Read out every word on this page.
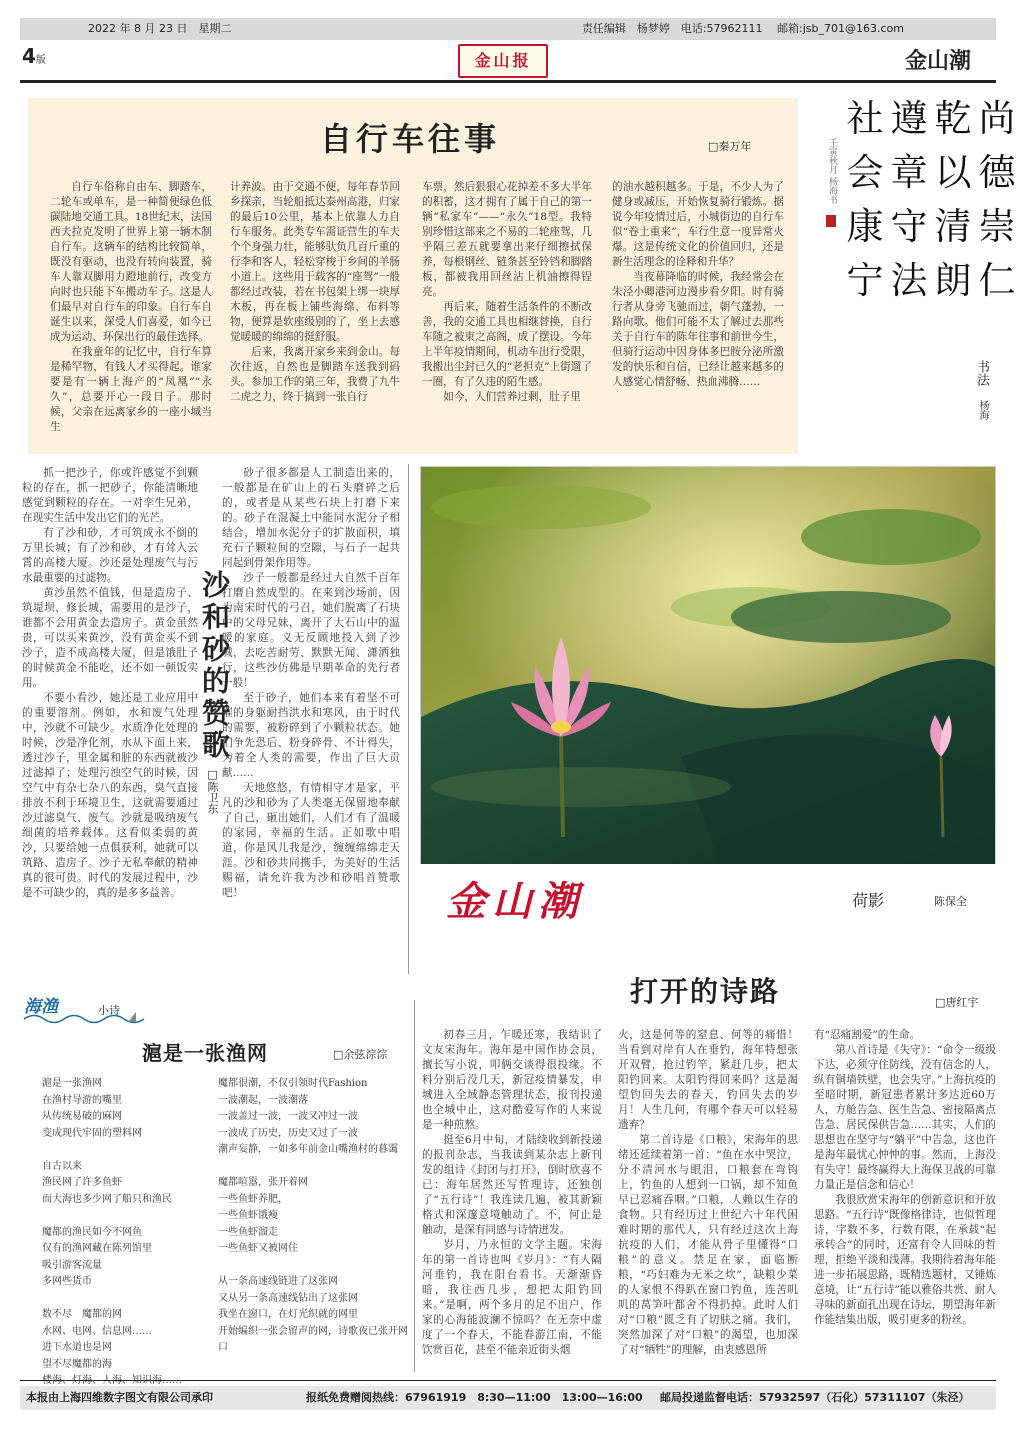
2022 年 8 月 23 日　星期二	责任编辑　杨梦婷　电话:57962111　 邮箱:jsb_701@163.com
4版	金山报	金山潮
自行车往事	□秦万年

自行车俗称自由车、脚踏车，二轮车或单车，是一种简便绿色低碳陆地交通工具。18世纪末，法国西夫拉克发明了世界上第一辆木制自行车。这辆车的结构比较简单，既没有驱动，也没有转向装置，骑车人靠双脚用力蹬地前行，改变方向时也只能下车搬动车子。这是人们最早对自行车的印象。自行车自诞生以来，深受人们喜爱，如今已成为运动、环保出行的最佳选择。

在我童年的记忆中，自行车算是稀罕物，有钱人才买得起。谁家要是有一辆上海产的“凤凰”“永久”，总要开心一段日子。那时候，父亲在远离家乡的一座小城当生

计养波。由于交通不便，每年春节回乡探亲，当轮船抵达泰州高港，归家的最后10公里，基本上依靠人力自行车服务。此类专车需证营生的车夫个个身强力壮，能够驮负几百斤重的行李和客人，轻松穿梭于乡间的羊肠小道上。这些用于载客的“座驾”一般都经过改装，若在书包架上绑一块厚木板，再在板上铺些海绵、布料等物，便算是软座级别的了，坐上去感觉暖暖的绵绵的挺舒服。

后来，我离开家乡来到金山。每次往返，自然也是脚踏车送我到码头。参加工作的第三年，我费了九牛二虎之力，终于搞到一张自行

车票，然后狠狠心花掉差不多大半年的积蓄，这才拥有了属于自己的第一辆“私家车”——“永久”18型。我特别珍惜这部来之不易的二轮座驾，几乎隔三差五就要拿出来仔细擦拭保养，每根钢丝、链条甚至铃铛和脚踏板，都被我用回丝沾上机油擦得锃亮。

再后来，随着生活条件的不断改善，我的交通工具也相继替换，自行车随之被束之高阁，成了摆设。今年上半年疫情期间，机动车出行受限，我搬出尘封已久的“老担克”上街遛了一圈，有了久违的陌生感。

如今，人们营养过剩，肚子里

的油水越积越多。于是，不少人为了健身或减压，开始恢复骑行锻炼。据说今年疫情过后，小城街边的自行车似“卷土重来”，车行生意一度异常火爆。这是传统文化的价值回归，还是新生活理念的诠释和升华？

当夜幕降临的时候，我经常会在朱泾小卿港河边漫步看夕阳。时有骑行者从身旁飞驰而过，朝气蓬勃，一路向歌。他们可能不太了解过去那些关于自行车的陈年往事和前世今生，但骑行运动中因身体多巴胺分泌所激发的快乐和自信，已经让越来越多的人感觉心情舒畅、热血沸腾……

尚
德
崇
仁
乾
以
清
朗
遵
章
守
法
社
会
康
宁
壬寅秋月 杨海书
书法
杨海

抓一把沙子，你或许感觉不到颗粒的存在，抓一把砂子，你能清晰地感觉到颗粒的存在。一对孪生兄弟，在现实生活中发出它们的光芒。

有了沙和砂，才可筑成永不倒的万里长城；有了沙和砂，才有耸入云霄的高楼大厦。沙还是处理废气与污水最重要的过滤物。

黄沙虽然不值钱，但是造房子、筑堤坝、修长城，需要用的是沙子，谁都不会用黄金去造房子。黄金虽然贵，可以买来黄沙，没有黄金买不到沙子，造不成高楼大厦，但是饿肚子的时候黄金不能吃，还不如一顿饭实用。

不要小看沙，她还是工业应用中的重要溶剂。例如，水和废气处理中，沙就不可缺少。水质净化处理的时候，沙是净化剂，水从下面上来，透过沙子，里金属和脏的东西就被沙过滤掉了；处理污浊空气的时候，因空气中有杂七杂八的东西，臭气直接排放不利于环境卫生，这就需要通过沙过滤臭气、废气。沙就是吸纳废气细菌的培养载体。这看似柔弱的黄沙，只要给她一点俱获利，她就可以筑路、造房子。沙子无私奉献的精神真的很可贵。时代的发展过程中，沙是不可缺少的，真的是多多益善。

沙和砂的赞歌
□陈卫东

砂子很多都是人工制造出来的，一般都是在矿山上的石头磨碎之后的，或者是从某些石块上打磨下来的。砂子在混凝土中能同水泥分子相结合，增加水泥分子的扩散面积，填充石子颗粒间的空隙，与石子一起共同起到骨架作用等。

沙子一般都是经过大自然千百年打磨自然成型的。在来到沙场前，因为南宋时代的弓召，她们脱离了石块中的父母兄妹，离开了大石山中的温暖的家庭。义无反顾地投入到了沙城，去吃苦耐劳、默默无闻、潇洒独行，这些沙仿佛是早期革命的先行者一般！

至于砂子，她们本来有着坚不可摧的身躯耐挡洪水和寒风，由于时代的需要，被粉碎到了小颗粒状态。她们争先恐后、粉身碎骨、不计得失，为着全人类的需要，作出了巨大贡献……

天地悠悠，有情相守才是家，平凡的沙和砂为了人类毫无保留地奉献了自己，砸出她们，人们才有了温暖的家园，幸福的生活。正如歌中唱道，你是风儿我是沙，缠缠绵绵走天涯。沙和砂共同携手，为美好的生活赐福，请允许我为沙和砂唱首赞歌吧！	金山潮	荷影	陈保全
打开的诗路	□唐红宇

初春三月，乍暖还寒，我结识了文友宋海年。海年是中国作协会员，擅长写小说，叩俩交谈得很投缘。不料分别后没几天，新冠疫情暴发，申城进入全域静态管理状态，报刊投递也全城中止，这对酷爱写作的人来说是一种煎熬。

挺至6月中旬，才陆续收到新投递的报刊杂志，当我读到某杂志上新刊发的组诗《封闭与打开》，倒时欣喜不已：海年居然还写哲理诗，还独创了“五行诗”！我连读几遍，被其新颖格式和深邃意境触动了。不，何止是触动，是深有同感与诗情迸发。

岁月，乃永恒的文学主题。宋海年的第一首诗也叫《岁月》：“有人隔河垂钓，我在阳台看书。天渐渐昏暗，我往西几步，想把太阳钓回来。”是啊，两个多月的足不出户，作家的心海能波澜不惊吗？在无奈中虚度了一个春天，不能春游江南，不能饮赏百花，甚至不能亲近街头烟

火，这是何等的窒息、何等的痛惜！当看到对岸有人在垂钓，海年特想张开双臂，抢过钓竿，紧赶几步，把太阳钓回来。太阳钓得回来吗？这是渴望钓回失去的春天，钓回失去的岁月！人生几何，有哪个春天可以轻易遗弃？

第二首诗是《口粮》，宋海年的思绪还延续着第一首：“鱼在水中哭泣，分不清河水与眼泪，口粮套在弯钩上，钓鱼的人想到一口锅，却不知鱼早已忍痛吞咽。”口粮，人赖以生存的食物。只有经历过上世纪六十年代困难时期的那代人，只有经过这次上海抗疫的人们，才能从骨子里懂得“口粮”的意义。禁足在家，面临断粮，“巧妇难为无米之炊”，缺粮少菜的人家恨不得趴在窗口钓鱼，连苦叽叽的莴笋叶都舍不得扔掉。此时人们对“口粮”匮乏有了切肤之痛。我们，突然加深了对“口粮”的渴望，也加深了对“牺牲”的理解，由衷感恩所

有“忍痛割爱”的生命。

第八首诗是《失守》：“命令一级级下达，必须守住防线，没有信念的人，纵有铜墙铁壁，也会失守。”上海抗疫的至暗时期，新冠患者累计多达近60万人，方舱告急、医生告急、密接隔离点告急、居民保供告急……其实，人们的思想也在坚守与“躺平”中告急，这也许是海年最忧心忡忡的事。然而，上海没有失守！最终赢得大上海保卫战的可靠力量正是信念和信心！

我很欣赏宋海年的创新意识和开放思路。“五行诗”既像格律诗，也似哲理诗，字数不多，行数有限，在承载“起承转合”的同时，还富有令人回味的哲理，拒绝平淡和浅薄。我期待着海年能进一步拓展思路，既精选题材，又锤炼意境，让“五行诗”能以雅俗共赏、耐人寻味的新面孔出现在诗坛，期望海年新作能结集出版，吸引更多的粉丝。

海渔	小诗
滬是一张渔网	□余弦淙淙
滬是一张渔网
在渔村导游的嘴里
从传统易破的麻网
变成现代牢固的塑料网

自古以来
渔民网了许多鱼虾
而大海也多少网了船只和渔民

魔都的渔民如今不网鱼
仅有的渔网藏在陈列馆里
吸引游客流量
多网些货币

数不尽　魔都的网
水网、电网、信息网……
进下水道也是网
望不尽魔都的海
魔都很潮，不仅引领时代Fashion
一波潮起，一波潮落
一波盖过一波，一波又冲过一波
一波成了历史，历史又过了一波
潮声妄静，一如多年前金山嘴渔村的暮霭

魔都喧嚣，张开着网
一些鱼虾养肥，
一些鱼虾饿瘦
一些鱼虾溜走
一些鱼虾又被网住

从一条高速线链进了这张网
又从另一条高速线钻出了这张网
我坐在窗口，在灯光织就的网里
开始编织一张会留声的网，诗歌夜已张开网口
本报由上海四维数字图文有限公司承印	报纸免费赠阅热线：67961919　8:30—11:00　13:00—16:00 邮局投递监督电话：57932597（石化）57311107（朱泾）
